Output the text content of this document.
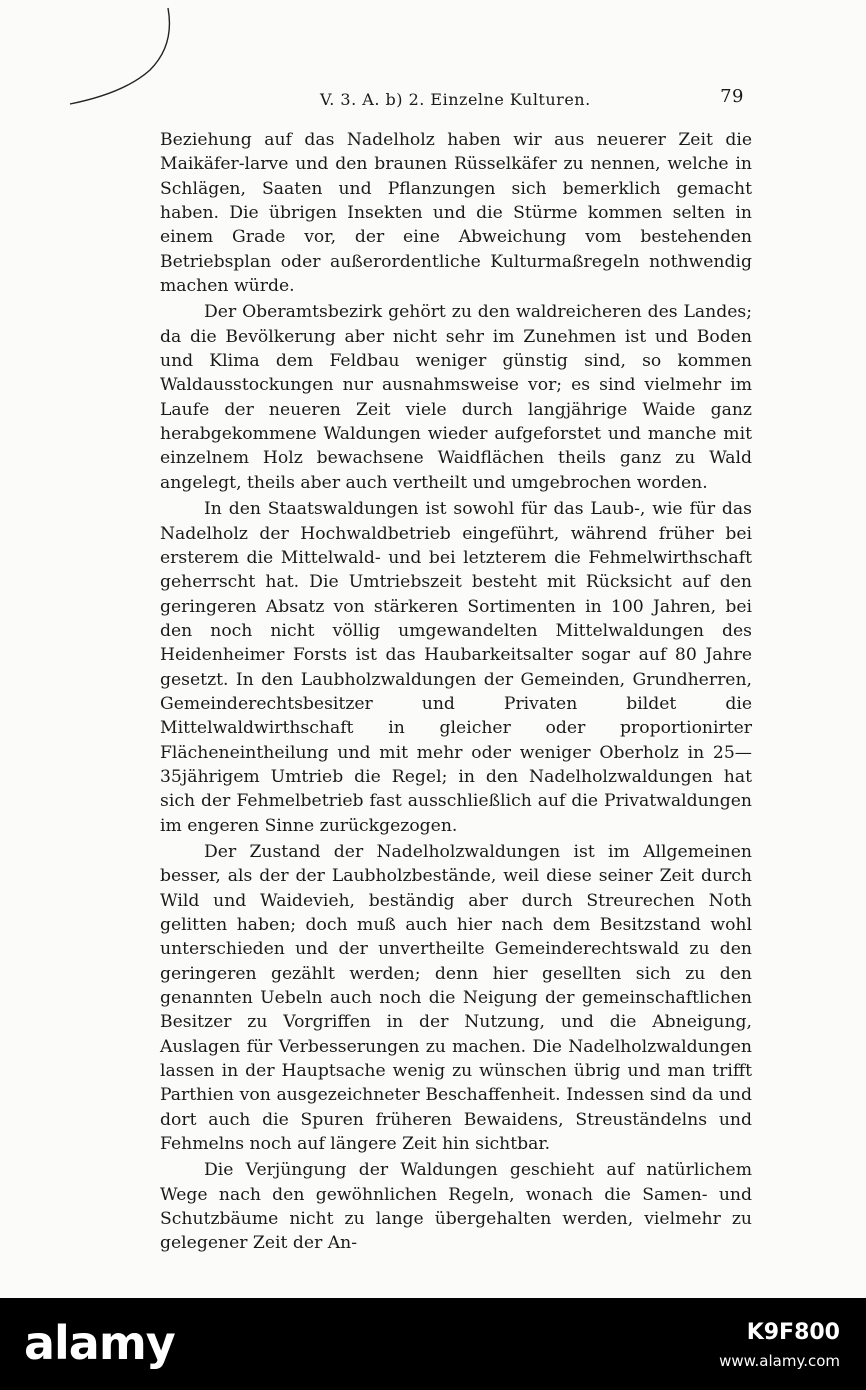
V. 3. A. b) 2. Einzelne Kulturen.	79

Beziehung auf das Nadelholz haben wir aus neuerer Zeit die Maikäfer-larve und den braunen Rüsselkäfer zu nennen, welche in Schlägen, Saaten und Pflanzungen sich bemerklich gemacht haben. Die übrigen Insekten und die Stürme kommen selten in einem Grade vor, der eine Abweichung vom bestehenden Betriebsplan oder außerordentliche Kulturmaßregeln nothwendig machen würde.

Der Oberamtsbezirk gehört zu den waldreicheren des Landes; da die Bevölkerung aber nicht sehr im Zunehmen ist und Boden und Klima dem Feldbau weniger günstig sind, so kommen Waldausstockungen nur ausnahmsweise vor; es sind vielmehr im Laufe der neueren Zeit viele durch langjährige Waide ganz herabgekommene Waldungen wieder aufgeforstet und manche mit einzelnem Holz bewachsene Waidflächen theils ganz zu Wald angelegt, theils aber auch vertheilt und umgebrochen worden.

In den Staatswaldungen ist sowohl für das Laub-, wie für das Nadelholz der Hochwaldbetrieb eingeführt, während früher bei ersterem die Mittelwald- und bei letzterem die Fehmelwirthschaft geherrscht hat. Die Umtriebszeit besteht mit Rücksicht auf den geringeren Absatz von stärkeren Sortimenten in 100 Jahren, bei den noch nicht völlig umgewandelten Mittelwaldungen des Heidenheimer Forsts ist das Haubarkeitsalter sogar auf 80 Jahre gesetzt. In den Laubholzwaldungen der Gemeinden, Grundherren, Gemeinderechtsbesitzer und Privaten bildet die Mittelwaldwirthschaft in gleicher oder proportionirter Flächeneintheilung und mit mehr oder weniger Oberholz in 25—35jährigem Umtrieb die Regel; in den Nadelholzwaldungen hat sich der Fehmelbetrieb fast ausschließlich auf die Privatwaldungen im engeren Sinne zurückgezogen.

Der Zustand der Nadelholzwaldungen ist im Allgemeinen besser, als der der Laubholzbestände, weil diese seiner Zeit durch Wild und Waidevieh, beständig aber durch Streurechen Noth gelitten haben; doch muß auch hier nach dem Besitzstand wohl unterschieden und der unvertheilte Gemeinderechtswald zu den geringeren gezählt werden; denn hier gesellten sich zu den genannten Uebeln auch noch die Neigung der gemeinschaftlichen Besitzer zu Vorgriffen in der Nutzung, und die Abneigung, Auslagen für Verbesserungen zu machen. Die Nadelholzwaldungen lassen in der Hauptsache wenig zu wünschen übrig und man trifft Parthien von ausgezeichneter Beschaffenheit. Indessen sind da und dort auch die Spuren früheren Bewaidens, Streuständelns und Fehmelns noch auf längere Zeit hin sichtbar.

Die Verjüngung der Waldungen geschieht auf natürlichem Wege nach den gewöhnlichen Regeln, wonach die Samen- und Schutzbäume nicht zu lange übergehalten werden, vielmehr zu gelegener Zeit der An-

alamy	K9F800
www.alamy.com
